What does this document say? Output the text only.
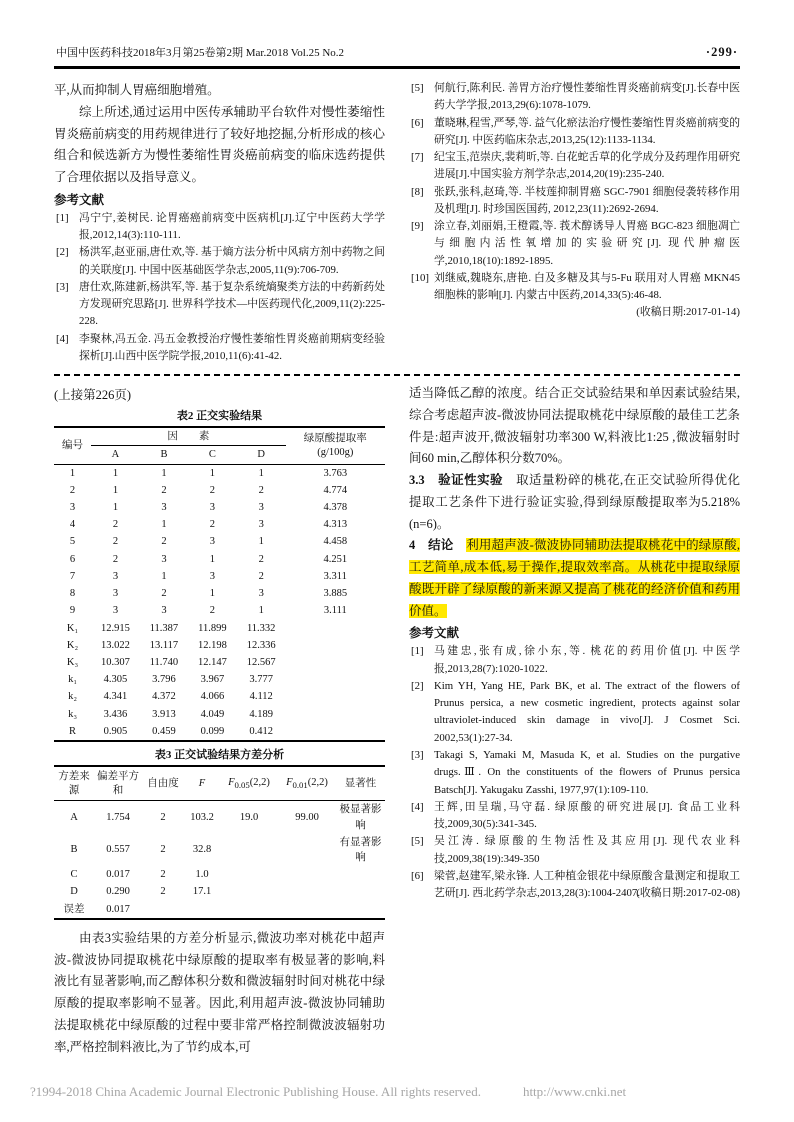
中国中医药科技2018年3月第25卷第2期 Mar.2018 Vol.25 No.2	·299·

平,从而抑制人胃癌细胞增殖。

综上所述,通过运用中医传承辅助平台软件对慢性萎缩性胃炎癌前病变的用药规律进行了较好地挖掘,分析形成的核心组合和候选新方为慢性萎缩性胃炎癌前病变的临床选药提供了合理依据以及指导意义。

参考文献
[1] 冯宁宁,姜树民. 论胃癌癌前病变中医病机[J].辽宁中医药大学学报,2012,14(3):110-111.
[2] 杨洪军,赵亚丽,唐仕欢,等. 基于熵方法分析中风病方剂中药物之间的关联度[J]. 中国中医基础医学杂志,2005,11(9):706-709.
[3] 唐仕欢,陈建新,杨洪军,等. 基于复杂系统熵聚类方法的中药新药处方发现研究思路[J]. 世界科学技术—中医药现代化,2009,11(2):225-228.
[4] 李聚林,冯五金. 冯五金教授治疗慢性萎缩性胃炎癌前期病变经验探析[J].山西中医学院学报,2010,11(6):41-42.
[5] 何航行,陈利民. 善胃方治疗慢性萎缩性胃炎癌前病变[J].长春中医药大学学报,2013,29(6):1078-1079.
[6] 董晓琳,程雪,严琴,等. 益气化瘀法治疗慢性萎缩性胃炎癌前病变的研究[J]. 中医药临床杂志,2013,25(12):1133-1134.
[7] 纪宝玉,范崇庆,裴莉昕,等. 白花蛇舌草的化学成分及药理作用研究进展[J].中国实验方剂学杂志,2014,20(19):235-240.
[8] 张跃,张科,赵琦,等. 半枝莲抑制胃癌 SGC-7901 细胞侵袭转移作用及机理[J]. 时珍国医国药, 2012,23(11):2692-2694.
[9] 涂立春,刘丽娟,王橙霞,等. 莪术醇诱导人胃癌 BGC-823 细胞凋亡与细胞内活性氧增加的实验研究[J]. 现代肿瘤医学,2010,18(10):1892-1895.
[10] 刘继威,魏晓东,唐艳. 白及多糖及其与5-Fu 联用对人胃癌 MKN45 细胞株的影响[J]. 内蒙古中医药,2014,33(5):46-48.
(收稿日期:2017-01-14)
(上接第226页)
表2 正交实验结果
编号	因　　素				绿原酸提取率
(g/100g)

	A	B	C	D	
1	1	1	1	1	3.763
2	1	2	2	2	4.774
3	1	3	3	3	4.378
4	2	1	2	3	4.313
5	2	2	3	1	4.458
6	2	3	1	2	4.251
7	3	1	3	2	3.311
8	3	2	1	3	3.885
9	3	3	2	1	3.111
K₁	12.915	11.387	11.899	11.332	
K₂	13.022	13.117	12.198	12.336	
K₃	10.307	11.740	12.147	12.567	
k₁	4.305	3.796	3.967	3.777	
k₂	4.341	4.372	4.066	4.112	
k₃	3.436	3.913	4.049	4.189	
R	0.905	0.459	0.099	0.412	
表3 正交试验结果方差分析
方差来源	偏差平方和	自由度	F	$F_{0.05}(2,2)$	$F_{0.01}(2,2)$	显著性
A	1.754	2	103.2	19.0	99.00	极显著影响
B	0.557	2	32.8			有显著影响
C	0.017	2	1.0			
D	0.290	2	17.1			
误差	0.017					

由表3实验结果的方差分析显示,微波功率对桃花中超声波-微波协同提取桃花中绿原酸的提取率有极显著的影响,料液比有显著影响,而乙醇体积分数和微波辐射时间对桃花中绿原酸的提取率影响不显著。因此,利用超声波-微波协同辅助法提取桃花中绿原酸的过程中要非常严格控制微波波辐射功率,严格控制料液比,为了节约成本,可

适当降低乙醇的浓度。结合正交试验结果和单因素试验结果,综合考虑超声波-微波协同法提取桃花中绿原酸的最佳工艺条件是:超声波开,微波辐射功率300 W,料液比1:25 ,微波辐射时间60 min,乙醇体积分数70%。

3.3　 验证性实验　 取适量粉碎的桃花,在正交试验所得优化提取工艺条件下进行验证实验,得到绿原酸提取率为5.218%(n=6)。

4　 结论　 利用超声波-微波协同辅助法提取桃花中的绿原酸,工艺简单,成本低,易于操作,提取效率高。从桃花中提取绿原酸既开辟了绿原酸的新来源又提高了桃花的经济价值和药用价值。

参考文献
[1] 马建忠,张有成,徐小东,等. 桃花的药用价值[J]. 中医学报,2013,28(7):1020-1022.
[2] Kim YH, Yang HE, Park BK, et al. The extract of the flowers of Prunus persica, a new cosmetic ingredient, protects against solar ultraviolet-induced skin damage in vivo[J]. J Cosmet Sci. 2002,53(1):27-34.
[3] Takagi S, Yamaki M, Masuda K, et al. Studies on the purgative drugs.Ⅲ. On the constituents of the flowers of Prunus persica Batsch[J]. Yakugaku Zasshi, 1977,97(1):109-110.
[4] 王辉,田呈瑞,马守磊. 绿原酸的研究进展[J]. 食品工业科技,2009,30(5):341-345.
[5] 吴江涛. 绿原酸的生物活性及其应用[J]. 现代农业科技,2009,38(19):349-350
[6] 梁菅,赵建军,梁永锋. 人工种植金银花中绿原酸含量测定和提取工艺研[J]. 西北药学杂志,2013,28(3):1004-2407.
(收稿日期:2017-02-08)
?1994-2018 China Academic Journal Electronic Publishing House. All rights reserved.	http://www.cnki.net
